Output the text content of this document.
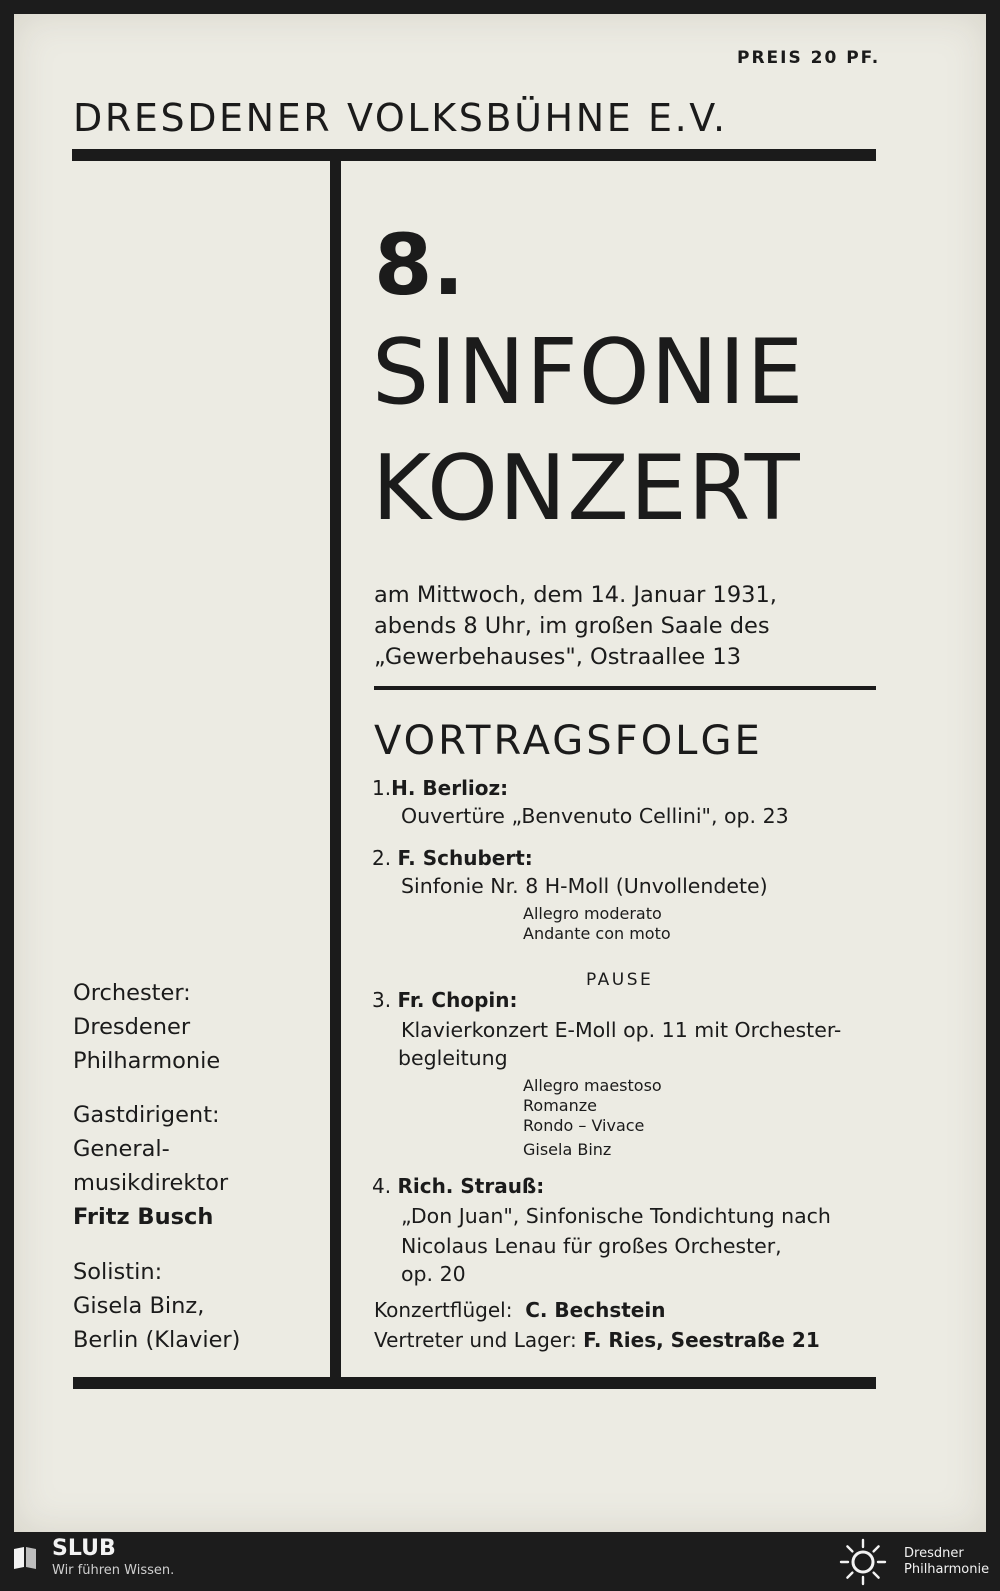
PREIS 20 PF.

DRESDENER VOLKSBÜHNE E.V.

8.

SINFONIE

KONZERT

am Mittwoch, dem 14. Januar 1931,
abends 8 Uhr, im großen Saale des
„Gewerbehauses", Ostraallee 13

VORTRAGSFOLGE

1.H. Berlioz:

Ouvertüre „Benvenuto Cellini", op. 23

2. F. Schubert:

Sinfonie Nr. 8 H-Moll (Unvollendete)

Allegro moderato
Andante con moto

PAUSE

3. Fr. Chopin:

Klavierkonzert E-Moll op. 11 mit Orchester-

begleitung

Allegro maestoso
Romanze
Rondo – Vivace
Gisela Binz

4. Rich. Strauß:

„Don Juan", Sinfonische Tondichtung nach

Nicolaus Lenau für großes Orchester,

op. 20

Konzertflügel: C. Bechstein

Vertreter und Lager: F. Ries, Seestraße 21

Orchester:
Dresdener
Philharmonie
Gastdirigent:
General-
musikdirektor
Fritz Busch
Solistin:
Gisela Binz,
Berlin (Klavier)

SLUB

Wir führen Wissen.

Dresdner

Philharmonie
